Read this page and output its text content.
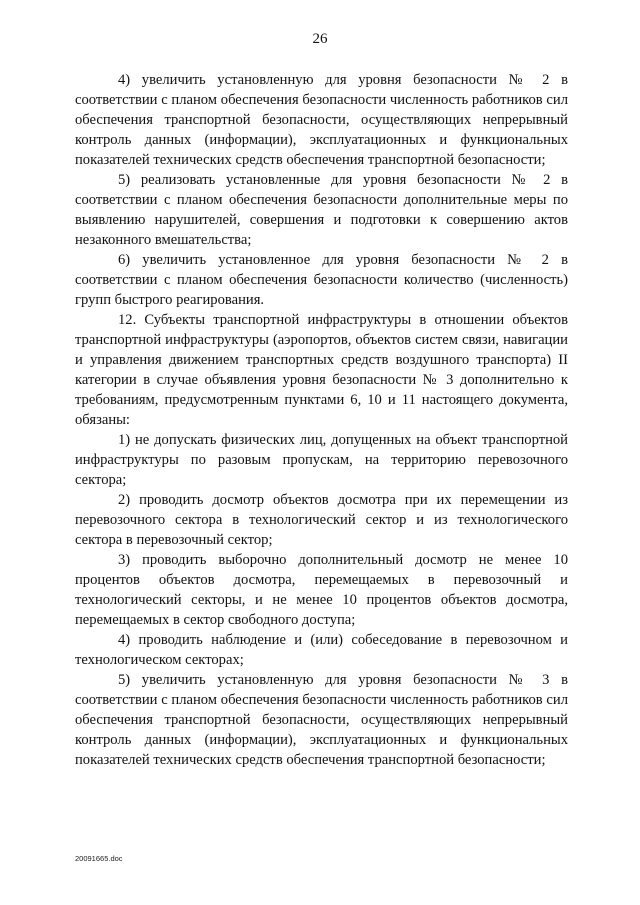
26

4) увеличить установленную для уровня безопасности № 2 в соответствии с планом обеспечения безопасности численность работников сил обеспечения транспортной безопасности, осуществляющих непрерывный контроль данных (информации), эксплуатационных и функциональных показателей технических средств обеспечения транспортной безопасности;

5) реализовать установленные для уровня безопасности № 2 в соответствии с планом обеспечения безопасности дополнительные меры по выявлению нарушителей, совершения и подготовки к совершению актов незаконного вмешательства;

6) увеличить установленное для уровня безопасности № 2 в соответствии с планом обеспечения безопасности количество (численность) групп быстрого реагирования.

12. Субъекты транспортной инфраструктуры в отношении объектов транспортной инфраструктуры (аэропортов, объектов систем связи, навигации и управления движением транспортных средств воздушного транспорта) II категории в случае объявления уровня безопасности № 3 дополнительно к требованиям, предусмотренным пунктами 6, 10 и 11 настоящего документа, обязаны:

1) не допускать физических лиц, допущенных на объект транспортной инфраструктуры по разовым пропускам, на территорию перевозочного сектора;

2) проводить досмотр объектов досмотра при их перемещении из перевозочного сектора в технологический сектор и из технологического сектора в перевозочный сектор;

3) проводить выборочно дополнительный досмотр не менее 10 процентов объектов досмотра, перемещаемых в перевозочный и технологический секторы, и не менее 10 процентов объектов досмотра, перемещаемых в сектор свободного доступа;

4) проводить наблюдение и (или) собеседование в перевозочном и технологическом секторах;

5) увеличить установленную для уровня безопасности № 3 в соответствии с планом обеспечения безопасности численность работников сил обеспечения транспортной безопасности, осуществляющих непрерывный контроль данных (информации), эксплуатационных и функциональных показателей технических средств обеспечения транспортной безопасности;

20091665.doc
